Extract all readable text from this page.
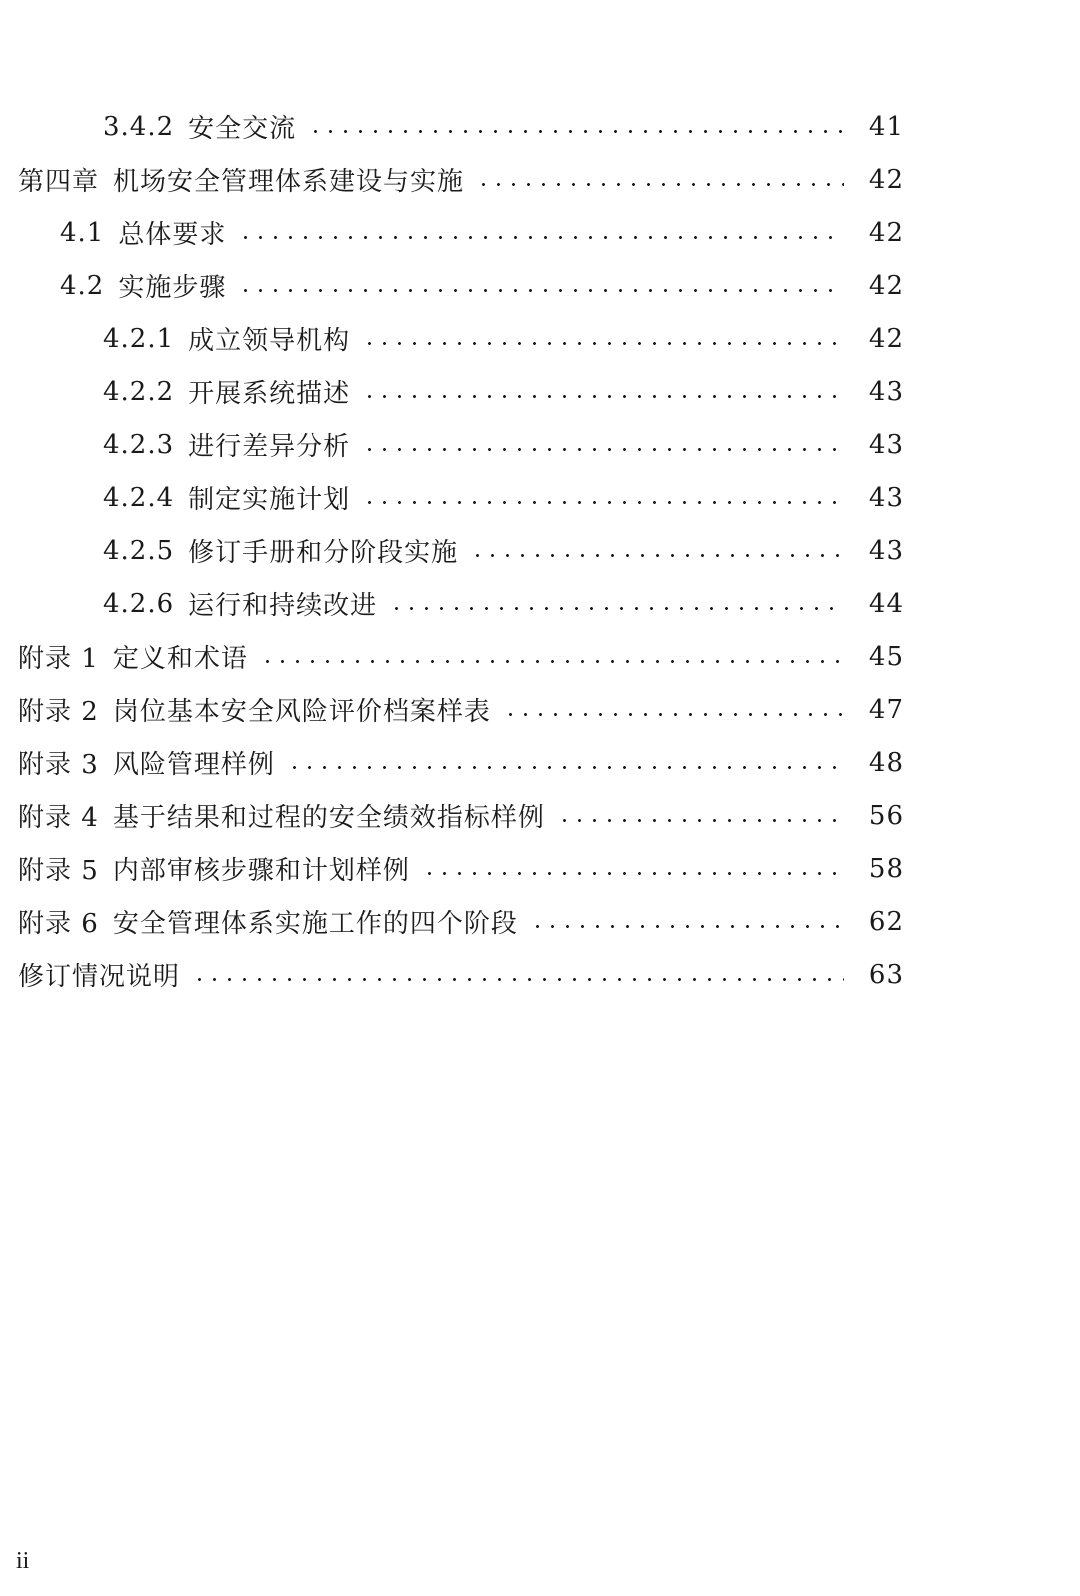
3.4.2 安全交流	41
第四章 机场安全管理体系建设与实施	42
4.1 总体要求	42
4.2 实施步骤	42
4.2.1 成立领导机构	42
4.2.2 开展系统描述	43
4.2.3 进行差异分析	43
4.2.4 制定实施计划	43
4.2.5 修订手册和分阶段实施	43
4.2.6 运行和持续改进	44
附录 1 定义和术语	45
附录 2 岗位基本安全风险评价档案样表	47
附录 3 风险管理样例	48
附录 4 基于结果和过程的安全绩效指标样例	56
附录 5 内部审核步骤和计划样例	58
附录 6 安全管理体系实施工作的四个阶段	62
修订情况说明	63
ii
